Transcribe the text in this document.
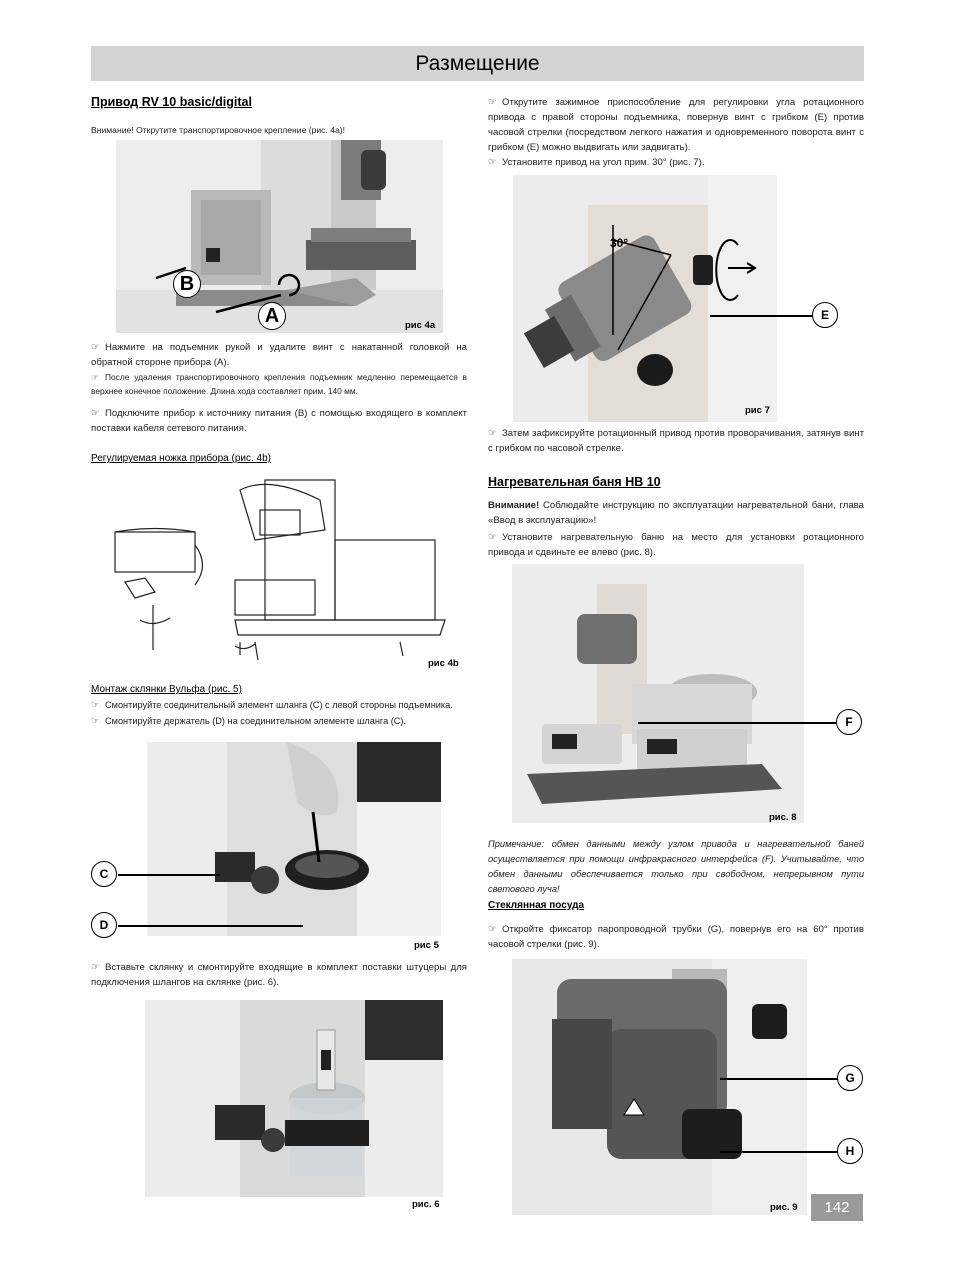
Размещение
Привод RV 10 basic/digital
Внимание! Открутите транспортировочное крепление (рис. 4a)!
B
A	рис 4a
☞ Нажмите на подъемник рукой и удалите винт с накатанной головкой на обратной стороне прибора (A).
☞ После удаления транспортировочного крепления подъемник медленно перемещается в верхнее конечное положение. Длина хода составляет прим. 140 мм.
☞ Подключите прибор к источнику питания (B) с помощью входящего в комплект поставки кабеля сетевого питания.
Регулируемая ножка прибора (рис. 4b)
рис 4b
Монтаж склянки Вульфа (рис. 5)
☞ Смонтируйте соединительный элемент шланга (C) с левой стороны подъемника.
☞ Смонтируйте держатель (D) на соединительном элементе шланга (C).
C
D
рис 5
☞ Вставьте склянку и смонтируйте входящие в комплект поставки штуцеры для подключения шлангов на склянке (рис. 6).
рис. 6
☞ Открутите зажимное приспособление для регулировки угла ротационного привода с правой стороны подъемника, повернув винт с грибком (E) против часовой стрелки (посредством легкого нажатия и одновременного поворота винт с грибком (E) можно выдвигать или задвигать).
☞ Установите привод на угол прим. 30° (рис. 7).
30°
E
рис 7
☞ Затем зафиксируйте ротационный привод против проворачивания, затянув винт с грибком по часовой стрелке.
Нагревательная баня HB 10
Внимание! Соблюдайте инструкцию по эксплуатации нагревательной бани, глава «Ввод в эксплуатацию»!
☞ Установите нагревательную баню на место для установки ротационного привода и сдвиньте ее влево (рис. 8).
F
рис. 8
Примечание: обмен данными между узлом привода и нагревательной баней осуществляется при помощи инфракрасного интерфейса (F). Учитывайте, что обмен данными обеспечивается только при свободном, непрерывном пути светового луча!
Стеклянная посуда
☞ Откройте фиксатор паропроводной трубки (G), повернув его на 60° против часовой стрелки (рис. 9).
G
H
рис. 9	142
